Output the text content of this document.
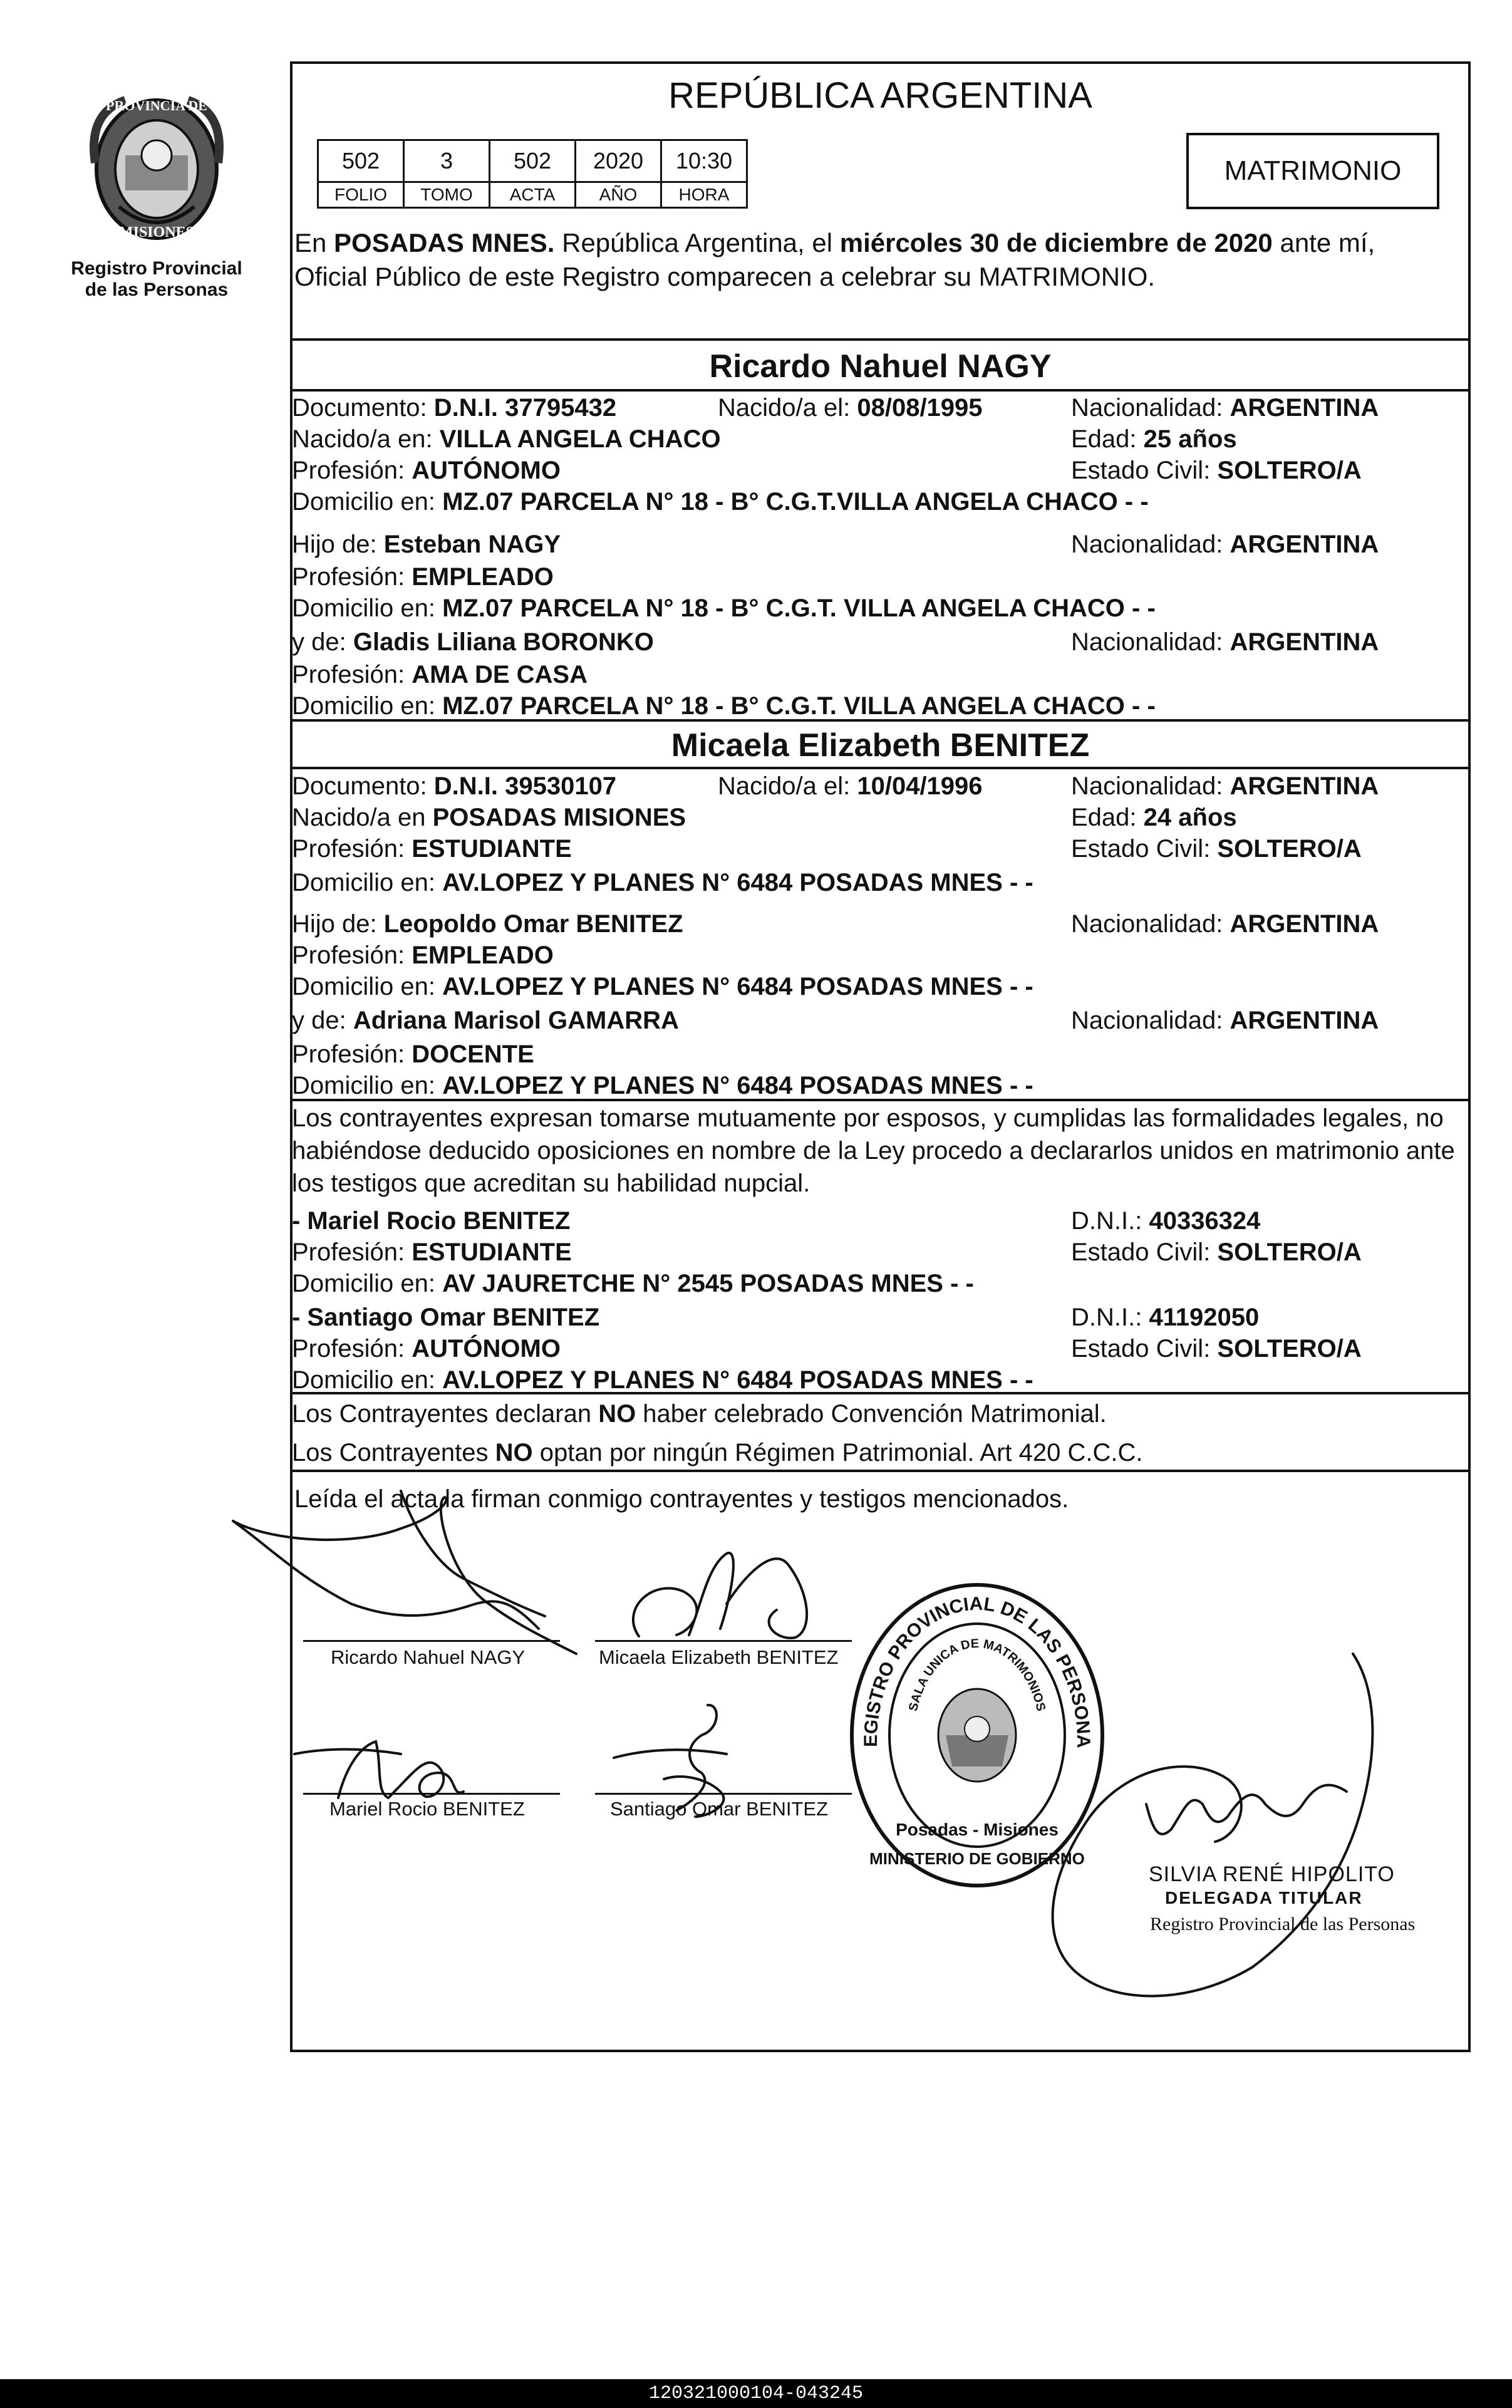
PROVINCIA DE
MISIONES
Registro Provincial
de las Personas
REPÚBLICA ARGENTINA
502	3	502	2020	10:30
FOLIO	TOMO	ACTA	AÑO	HORA
MATRIMONIO
En POSADAS MNES. República Argentina, el miércoles 30 de diciembre de 2020 ante mí,
Oficial Público de este Registro comparecen a celebrar su MATRIMONIO.
Ricardo Nahuel NAGY
Documento: D.N.I. 37795432	Nacido/a el: 08/08/1995	Nacionalidad: ARGENTINA
Nacido/a en: VILLA ANGELA CHACO	Edad: 25 años
Profesión: AUTÓNOMO	Estado Civil: SOLTERO/A
Domicilio en: MZ.07 PARCELA N° 18 - B° C.G.T.VILLA ANGELA CHACO - -
Hijo de: Esteban NAGY	Nacionalidad: ARGENTINA
Profesión: EMPLEADO
Domicilio en: MZ.07 PARCELA N° 18 - B° C.G.T. VILLA ANGELA CHACO - -
y de: Gladis Liliana BORONKO	Nacionalidad: ARGENTINA
Profesión: AMA DE CASA
Domicilio en: MZ.07 PARCELA N° 18 - B° C.G.T. VILLA ANGELA CHACO - -
Micaela Elizabeth BENITEZ
Documento: D.N.I. 39530107	Nacido/a el: 10/04/1996	Nacionalidad: ARGENTINA
Nacido/a en POSADAS MISIONES	Edad: 24 años
Profesión: ESTUDIANTE	Estado Civil: SOLTERO/A
Domicilio en: AV.LOPEZ Y PLANES N° 6484 POSADAS MNES - -
Hijo de: Leopoldo Omar BENITEZ	Nacionalidad: ARGENTINA
Profesión: EMPLEADO
Domicilio en: AV.LOPEZ Y PLANES N° 6484 POSADAS MNES - -
y de: Adriana Marisol GAMARRA	Nacionalidad: ARGENTINA
Profesión: DOCENTE
Domicilio en: AV.LOPEZ Y PLANES N° 6484 POSADAS MNES - -
Los contrayentes expresan tomarse mutuamente por esposos, y cumplidas las formalidades legales, no
habiéndose deducido oposiciones en nombre de la Ley procedo a declararlos unidos en matrimonio ante
los testigos que acreditan su habilidad nupcial.
- Mariel Rocio BENITEZ	D.N.I.: 40336324
Profesión: ESTUDIANTE	Estado Civil: SOLTERO/A
Domicilio en: AV JAURETCHE N° 2545 POSADAS MNES - -
- Santiago Omar BENITEZ	D.N.I.: 41192050
Profesión: AUTÓNOMO	Estado Civil: SOLTERO/A
Domicilio en: AV.LOPEZ Y PLANES N° 6484 POSADAS MNES - -
Los Contrayentes declaran NO haber celebrado Convención Matrimonial.
Los Contrayentes NO optan por ningún Régimen Patrimonial. Art 420 C.C.C.
Leída el acta la firman conmigo contrayentes y testigos mencionados.
Ricardo Nahuel NAGY	Micaela Elizabeth BENITEZ
Mariel Rocio BENITEZ	Santiago Omar BENITEZ
EGISTRO PROVINCIAL DE LAS PERSONA
SALA UNICA DE MATRIMONIOS
Posadas - Misiones
MINISTERIO DE GOBIERNO
SILVIA RENÉ HIPOLITO
DELEGADA TITULAR
Registro Provincial de las Personas
120321000104-043245
